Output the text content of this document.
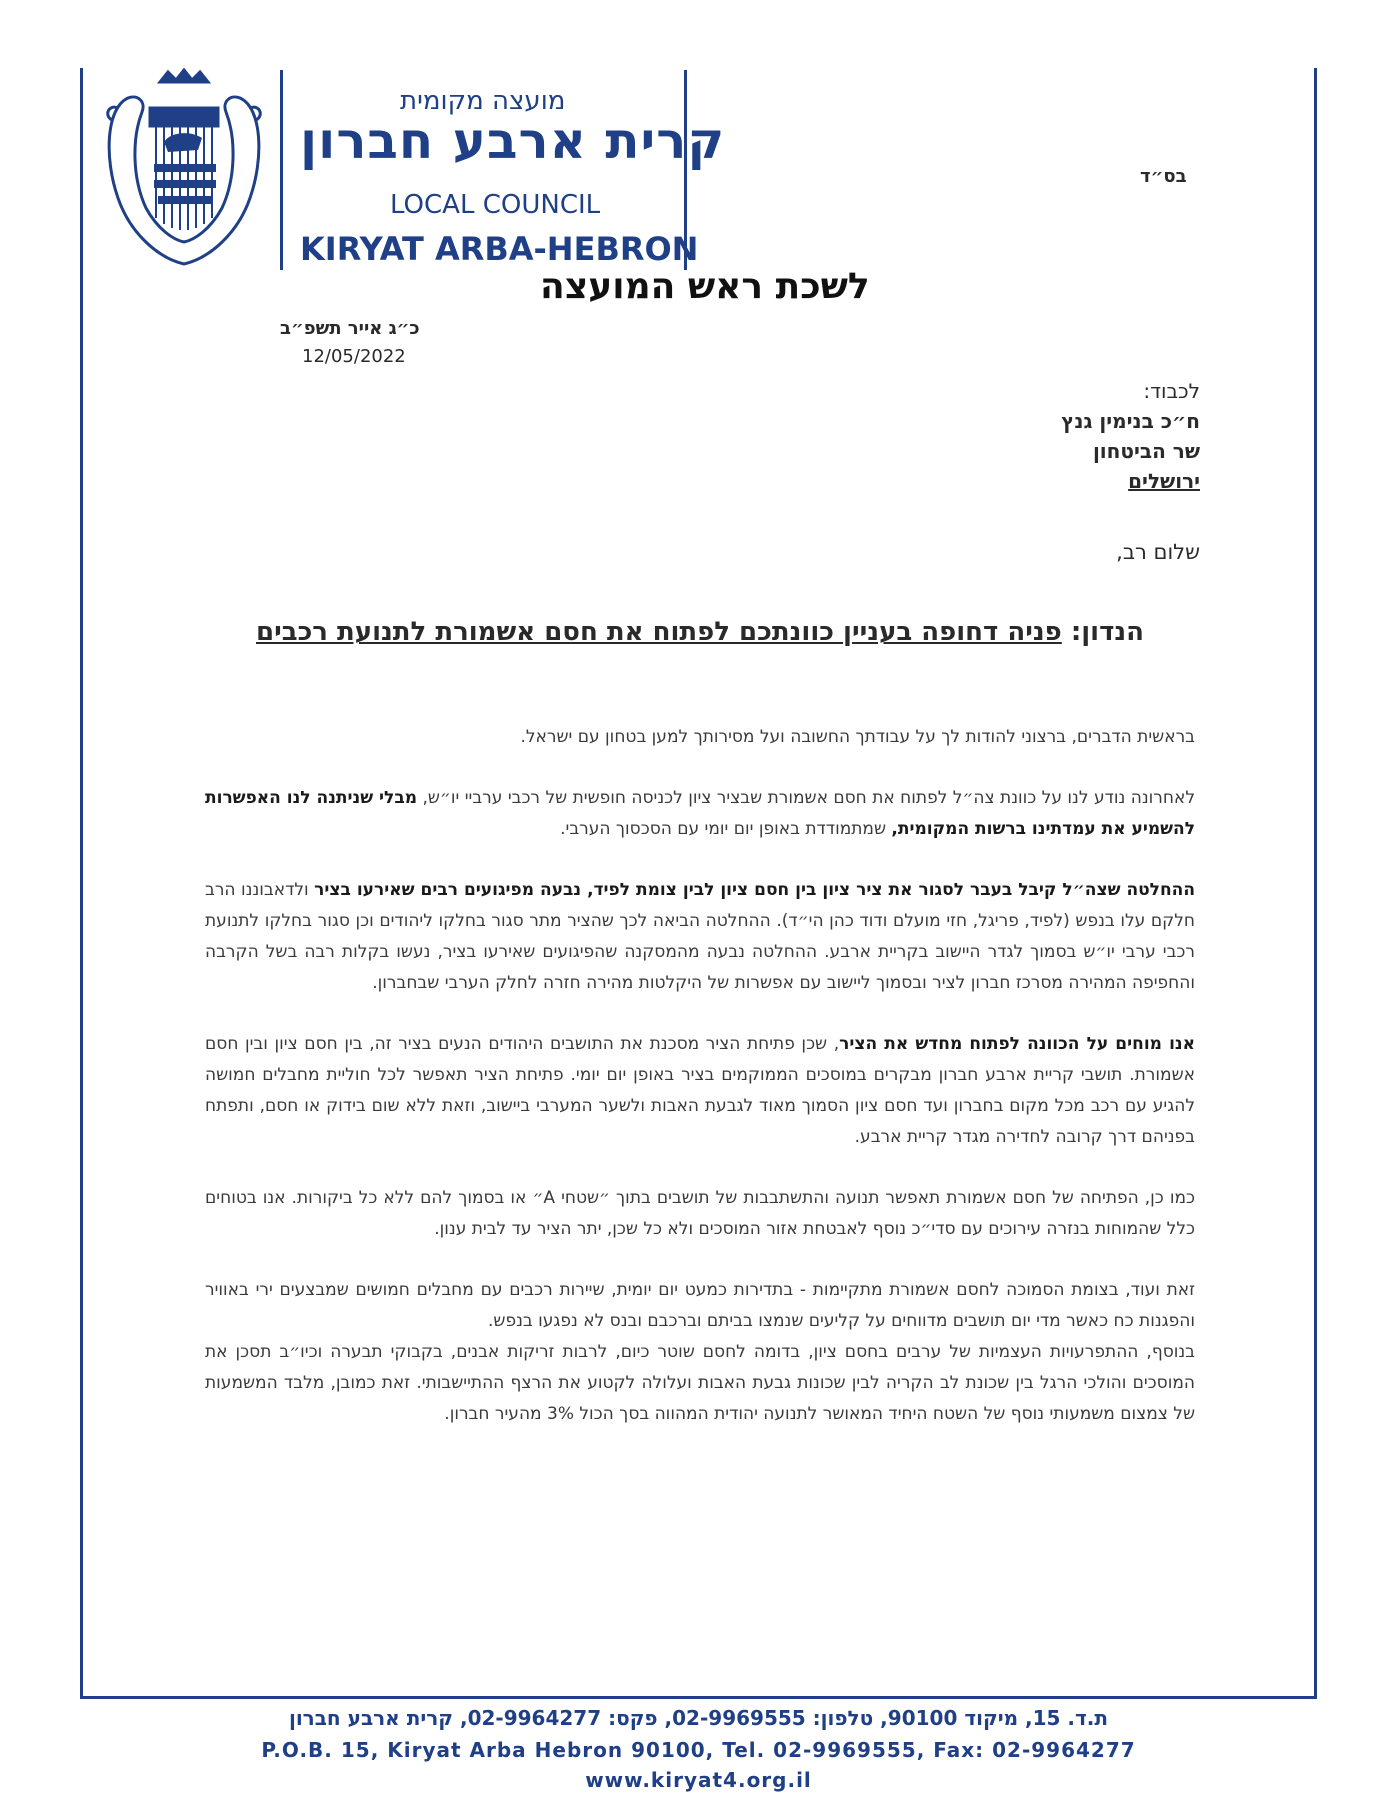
מועצה מקומית
קרית ארבע חברון
LOCAL COUNCIL
KIRYAT ARBA-HEBRON
בס״ד
לשכת ראש המועצה
כ״ג אייר תשפ״ב
12/05/2022
לכבוד:
ח״כ בנימין גנץ
שר הביטחון
ירושלים
שלום רב,
הנדון: פניה דחופה בעניין כוונתכם לפתוח את חסם אשמורת לתנועת רכבים

בראשית הדברים, ברצוני להודות לך על עבודתך החשובה ועל מסירותך למען בטחון עם ישראל.

לאחרונה נודע לנו על כוונת צה״ל לפתוח את חסם אשמורת שבציר ציון לכניסה חופשית של רכבי ערביי יו״ש, מבלי שניתנה לנו האפשרות להשמיע את עמדתינו ברשות המקומית, שמתמודדת באופן יום יומי עם הסכסוך הערבי.

ההחלטה שצה״ל קיבל בעבר לסגור את ציר ציון בין חסם ציון לבין צומת לפיד, נבעה מפיגועים רבים שאירעו בציר ולדאבוננו הרב חלקם עלו בנפש (לפיד, פריגל, חזי מועלם ודוד כהן הי״ד). ההחלטה הביאה לכך שהציר מתר סגור בחלקו ליהודים וכן סגור בחלקו לתנועת רכבי ערבי יו״ש בסמוך לגדר היישוב בקריית ארבע. ההחלטה נבעה מהמסקנה שהפיגועים שאירעו בציר, נעשו בקלות רבה בשל הקרבה והחפיפה המהירה מסרכז חברון לציר ובסמוך ליישוב עם אפשרות של היקלטות מהירה חזרה לחלק הערבי שבחברון.

אנו מוחים על הכוונה לפתוח מחדש את הציר, שכן פתיחת הציר מסכנת את התושבים היהודים הנעים בציר זה, בין חסם ציון ובין חסם אשמורת. תושבי קריית ארבע חברון מבקרים במוסכים הממוקמים בציר באופן יום יומי. פתיחת הציר תאפשר לכל חוליית מחבלים חמושה להגיע עם רכב מכל מקום בחברון ועד חסם ציון הסמוך מאוד לגבעת האבות ולשער המערבי ביישוב, וזאת ללא שום בידוק או חסם, ותפתח בפניהם דרך קרובה לחדירה מגדר קריית ארבע.

כמו כן, הפתיחה של חסם אשמורת תאפשר תנועה והתשתבבות של תושבים בתוך ״שטחי A״ או בסמוך להם ללא כל ביקורות. אנו בטוחים כלל שהמוחות בנזרה עירוכים עם סדי״כ נוסף לאבטחת אזור המוסכים ולא כל שכן, יתר הציר עד לבית ענון.

זאת ועוד, בצומת הסמוכה לחסם אשמורת מתקיימות - בתדירות כמעט יום יומית, שיירות רכבים עם מחבלים חמושים שמבצעים ירי באוויר והפגנות כח כאשר מדי יום תושבים מדווחים על קליעים שנמצו בביתם וברכבם ובנס לא נפגעו בנפש.

בנוסף, ההתפרעויות העצמיות של ערבים בחסם ציון, בדומה לחסם שוטר כיום, לרבות זריקות אבנים, בקבוקי תבערה וכיו״ב תסכן את המוסכים והולכי הרגל בין שכונת לב הקריה לבין שכונות גבעת האבות ועלולה לקטוע את הרצף ההתיישבותי. זאת כמובן, מלבד המשמעות של צמצום משמעותי נוסף של השטח היחיד המאושר לתנועה יהודית המהווה בסך הכול 3% מהעיר חברון.

ת.ד. 15, מיקוד 90100, טלפון: 02-9969555, פקס: 02-9964277, קרית ארבע חברון
P.O.B. 15, Kiryat Arba Hebron 90100, Tel. 02-9969555, Fax: 02-9964277
www.kiryat4.org.il
